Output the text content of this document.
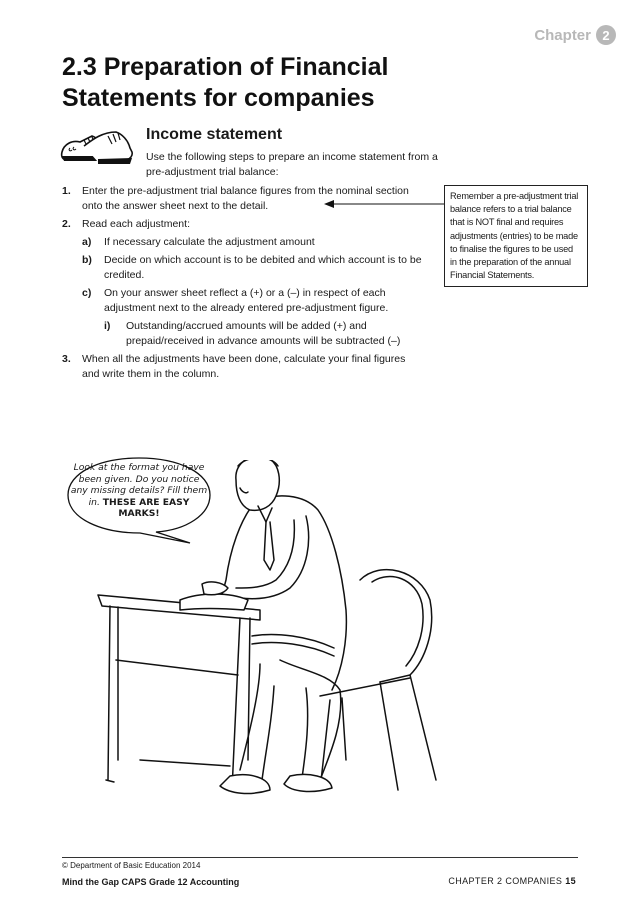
Chapter 2
2.3 Preparation of Financial Statements for companies
Income statement

Use the following steps to prepare an income statement from a pre-adjustment trial balance:

1.	Enter the pre-adjustment trial balance figures from the nominal section onto the answer sheet next to the detail.
2.	Read each adjustment:
a)	If necessary calculate the adjustment amount
b)	Decide on which account is to be debited and which account is to be credited.
c)	On your answer sheet reflect a (+) or a (–) in respect of each adjustment next to the already entered pre-adjustment figure.
i)	Outstanding/accrued amounts will be added (+) and prepaid/received in advance amounts will be subtracted (–)
3.	When all the adjustments have been done, calculate your final figures and write them in the column.
Remember a pre-adjustment trial balance refers to a trial balance that is NOT final and requires adjustments (entries) to be made to finalise the figures to be used in the preparation of the annual Financial Statements.
Look at the format you have been given. Do you notice any missing details? Fill them in. THESE ARE EASY MARKS!
© Department of Basic Education 2014
Mind the Gap CAPS Grade 12 Accounting	CHAPTER 2 COMPANIES 15
